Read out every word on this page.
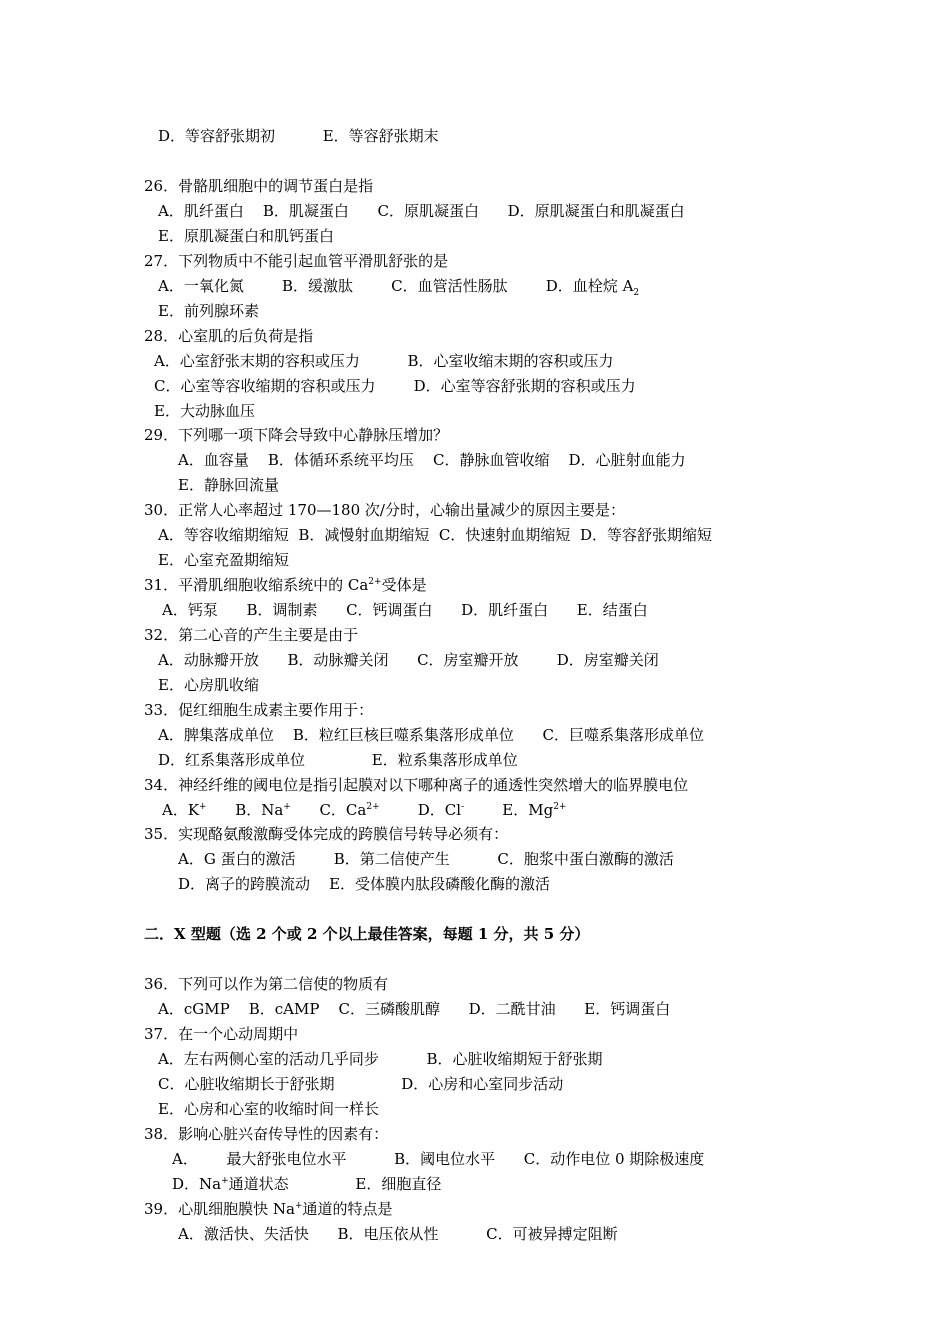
D．等容舒张期初          E．等容舒张期末
26．骨骼肌细胞中的调节蛋白是指
A．肌纤蛋白    B．肌凝蛋白      C．原肌凝蛋白      D．原肌凝蛋白和肌凝蛋白
E．原肌凝蛋白和肌钙蛋白
27．下列物质中不能引起血管平滑肌舒张的是
A．一氧化氮        B．缓激肽        C．血管活性肠肽        D．血栓烷 $A_2$
E．前列腺环素
28．心室肌的后负荷是指
A．心室舒张末期的容积或压力          B．心室收缩末期的容积或压力
C．心室等容收缩期的容积或压力        D．心室等容舒张期的容积或压力
E．大动脉血压
29．下列哪一项下降会导致中心静脉压增加？
A．血容量    B．体循环系统平均压    C．静脉血管收缩    D．心脏射血能力
E．静脉回流量
30．正常人心率超过 170—180 次/分时，心输出量减少的原因主要是：
A．等容收缩期缩短  B．减慢射血期缩短  C．快速射血期缩短  D．等容舒张期缩短
E．心室充盈期缩短
31．平滑肌细胞收缩系统中的 $Ca^{2+}$受体是
A．钙泵      B．调制素      C．钙调蛋白      D．肌纤蛋白      E．结蛋白
32．第二心音的产生主要是由于
A．动脉瓣开放      B．动脉瓣关闭      C．房室瓣开放        D．房室瓣关闭
E．心房肌收缩
33．促红细胞生成素主要作用于：
A．脾集落成单位    B．粒红巨核巨噬系集落形成单位      C．巨噬系集落形成单位
D．红系集落形成单位              E．粒系集落形成单位
34．神经纤维的阈电位是指引起膜对以下哪种离子的通透性突然增大的临界膜电位
A．K+      B．Na+      C．$Ca^{2+}$        D．Cl-        E．$Mg^{2+}$
35．实现酪氨酸激酶受体完成的跨膜信号转导必须有：
A．G 蛋白的激活        B．第二信使产生          C．胞浆中蛋白激酶的激活
D．离子的跨膜流动    E．受体膜内肽段磷酸化酶的激活
二．X 型题（选 2 个或 2 个以上最佳答案，每题 1 分，共 5 分）
36．下列可以作为第二信使的物质有
A．cGMP    B．cAMP    C．三磷酸肌醇      D．二酰甘油      E．钙调蛋白
37．在一个心动周期中
A．左右两侧心室的活动几乎同步          B．心脏收缩期短于舒张期
C．心脏收缩期长于舒张期              D．心房和心室同步活动
E．心房和心室的收缩时间一样长
38．影响心脏兴奋传导性的因素有：
A．      最大舒张电位水平          B．阈电位水平      C．动作电位 0 期除极速度
D．Na+通道状态              E．细胞直径
39．心肌细胞膜快 Na+通道的特点是
A．激活快、失活快      B．电压依从性          C．可被异搏定阻断
